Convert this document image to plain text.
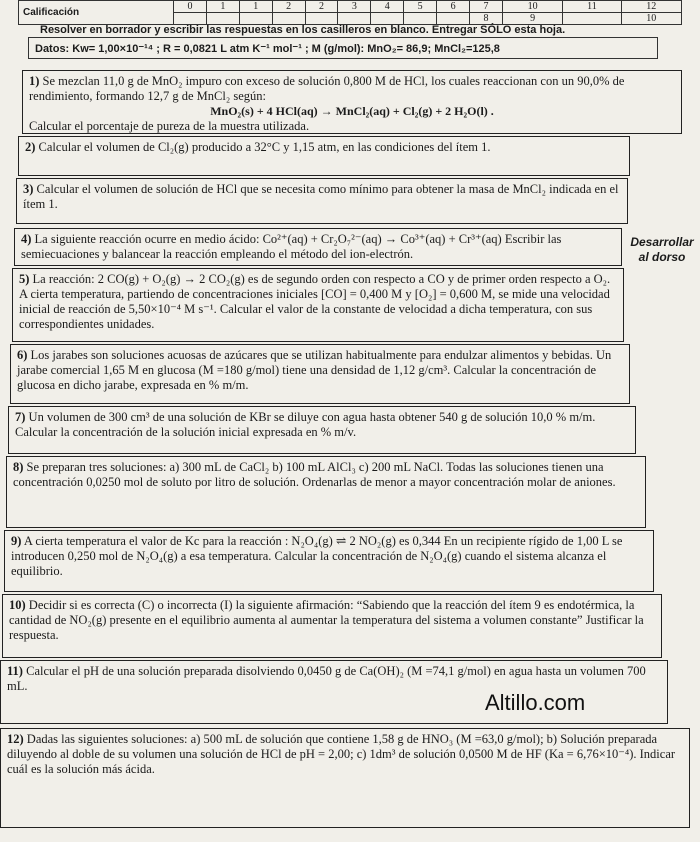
Calificación	0	1	1	2	2	3	4	5	6	7	10	11	12
										8	9		10
Resolver en borrador y escribir las respuestas en los casilleros en blanco. Entregar SÓLO esta hoja.
Datos: Kw= 1,00×10⁻¹⁴ ; R = 0,0821 L atm K⁻¹ mol⁻¹ ; M (g/mol): MnO₂= 86,9; MnCl₂=125,8
1) Se mezclan 11,0 g de MnO₂ impuro con exceso de solución 0,800 M de HCl, los cuales reaccionan con un 90,0% de rendimiento, formando 12,7 g de MnCl₂ según:
MnO₂(s) + 4 HCl(aq) → MnCl₂(aq) + Cl₂(g) + 2 H₂O(l) .
Calcular el porcentaje de pureza de la muestra utilizada.
2) Calcular el volumen de Cl₂(g) producido a 32°C y 1,15 atm, en las condiciones del ítem 1.
3) Calcular el volumen de solución de HCl que se necesita como mínimo para obtener la masa de MnCl₂ indicada en el ítem 1.
4) La siguiente reacción ocurre en medio ácido: Co²⁺(aq) + Cr₂O₇²⁻(aq) → Co³⁺(aq) + Cr³⁺(aq) Escribir las semiecuaciones y balancear la reacción empleando el método del ion-electrón.
Desarrollar al dorso
5) La reacción: 2 CO(g) + O₂(g) → 2 CO₂(g) es de segundo orden con respecto a CO y de primer orden respecto a O₂. A cierta temperatura, partiendo de concentraciones iniciales [CO] = 0,400 M y [O₂] = 0,600 M, se mide una velocidad inicial de reacción de 5,50×10⁻⁴ M s⁻¹. Calcular el valor de la constante de velocidad a dicha temperatura, con sus correspondientes unidades.
6) Los jarabes son soluciones acuosas de azúcares que se utilizan habitualmente para endulzar alimentos y bebidas. Un jarabe comercial 1,65 M en glucosa (M =180 g/mol) tiene una densidad de 1,12 g/cm³. Calcular la concentración de glucosa en dicho jarabe, expresada en % m/m.
7) Un volumen de 300 cm³ de una solución de KBr se diluye con agua hasta obtener 540 g de solución 10,0 % m/m. Calcular la concentración de la solución inicial expresada en % m/v.
8) Se preparan tres soluciones: a) 300 mL de CaCl₂ b) 100 mL AlCl₃ c) 200 mL NaCl. Todas las soluciones tienen una concentración 0,0250 mol de soluto por litro de solución. Ordenarlas de menor a mayor concentración molar de aniones.
9) A cierta temperatura el valor de Kc para la reacción : N₂O₄(g) ⇌ 2 NO₂(g) es 0,344 En un recipiente rígido de 1,00 L se introducen 0,250 mol de N₂O₄(g) a esa temperatura. Calcular la concentración de N₂O₄(g) cuando el sistema alcanza el equilibrio.
10) Decidir si es correcta (C) o incorrecta (I) la siguiente afirmación: “Sabiendo que la reacción del ítem 9 es endotérmica, la cantidad de NO₂(g) presente en el equilibrio aumenta al aumentar la temperatura del sistema a volumen constante” Justificar la respuesta.
11) Calcular el pH de una solución preparada disolviendo 0,0450 g de Ca(OH)₂ (M =74,1 g/mol) en agua hasta un volumen 700 mL.
Altillo.com
12) Dadas las siguientes soluciones: a) 500 mL de solución que contiene 1,58 g de HNO₃ (M =63,0 g/mol); b) Solución preparada diluyendo al doble de su volumen una solución de HCl de pH = 2,00; c) 1dm³ de solución 0,0500 M de HF (Ka = 6,76×10⁻⁴). Indicar cuál es la solución más ácida.
